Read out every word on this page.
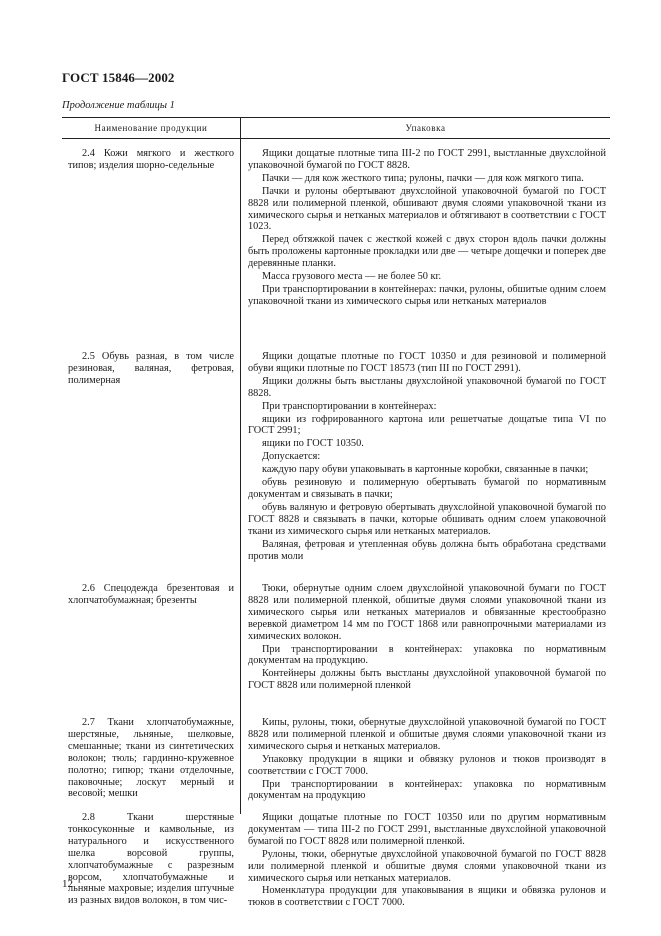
ГОСТ 15846—2002
Продолжение таблицы 1
Наименование продукции	Упаковка

2.4 Кожи мягкого и жесткого типов; изделия шорно-седельные

Ящики дощатые плотные типа III-2 по ГОСТ 2991, выстланные двухслойной упаковочной бумагой по ГОСТ 8828.

Пачки — для кож жесткого типа; рулоны, пачки — для кож мягкого типа.

Пачки и рулоны обертывают двухслойной упаковочной бумагой по ГОСТ 8828 или полимерной пленкой, обшивают двумя слоями упаковочной ткани из химического сырья и нетканых материалов и обтягивают в соответствии с ГОСТ 1023.

Перед обтяжкой пачек с жесткой кожей с двух сторон вдоль пачки должны быть проложены картонные прокладки или две — четыре дощечки и поперек две деревянные планки.

Масса грузового места — не более 50 кг.

При транспортировании в контейнерах: пачки, рулоны, обшитые одним слоем упаковочной ткани из химического сырья или нетканых материалов

2.5 Обувь разная, в том числе резиновая, валяная, фетровая, полимерная

Ящики дощатые плотные по ГОСТ 10350 и для резиновой и полимерной обуви ящики плотные по ГОСТ 18573 (тип III по ГОСТ 2991).

Ящики должны быть выстланы двухслойной упаковочной бумагой по ГОСТ 8828.

При транспортировании в контейнерах:

ящики из гофрированного картона или решетчатые дощатые типа VI по ГОСТ 2991;

ящики по ГОСТ 10350.

Допускается:

каждую пару обуви упаковывать в картонные коробки, связанные в пачки;

обувь резиновую и полимерную обертывать бумагой по нормативным документам и связывать в пачки;

обувь валяную и фетровую обертывать двухслойной упаковочной бумагой по ГОСТ 8828 и связывать в пачки, которые обшивать одним слоем упаковочной ткани из химического сырья или нетканых материалов.

Валяная, фетровая и утепленная обувь должна быть обработана средствами против моли

2.6 Спецодежда брезентовая и хлопчатобумажная; брезенты

Тюки, обернутые одним слоем двухслойной упаковочной бумаги по ГОСТ 8828 или полимерной пленкой, обшитые двумя слоями упаковочной ткани из химического сырья или нетканых материалов и обвязанные крестообразно веревкой диаметром 14 мм по ГОСТ 1868 или равнопрочными материалами из химических волокон.

При транспортировании в контейнерах: упаковка по нормативным документам на продукцию.

Контейнеры должны быть выстланы двухслойной упаковочной бумагой по ГОСТ 8828 или полимерной пленкой

2.7 Ткани хлопчатобумажные, шерстяные, льняные, шелковые, смешанные; ткани из синтетических волокон; тюль; гардинно-кружевное полотно; гипюр; ткани отделочные, паковочные; лоскут мерный и весовой; мешки

Кипы, рулоны, тюки, обернутые двухслойной упаковочной бумагой по ГОСТ 8828 или полимерной пленкой и обшитые двумя слоями упаковочной ткани из химического сырья и нетканых материалов.

Упаковку продукции в ящики и обвязку рулонов и тюков производят в соответствии с ГОСТ 7000.

При транспортировании в контейнерах: упаковка по нормативным документам на продукцию

2.8 Ткани шерстяные тонкосуконные и камвольные, из натурального и искусственного шелка ворсовой группы, хлопчатобумажные с разрезным ворсом, хлопчатобумажные и льняные махровые; изделия штучные из разных видов волокон, в том чис-

Ящики дощатые плотные по ГОСТ 10350 или по другим нормативным документам — типа III-2 по ГОСТ 2991, выстланные двухслойной упаковочной бумагой по ГОСТ 8828 или полимерной пленкой.

Рулоны, тюки, обернутые двухслойной упаковочной бумагой по ГОСТ 8828 или полимерной пленкой и обшитые двумя слоями упаковочной ткани из химического сырья или нетканых материалов.

Номенклатура продукции для упаковывания в ящики и обвязка рулонов и тюков в соответствии с ГОСТ 7000.

12
